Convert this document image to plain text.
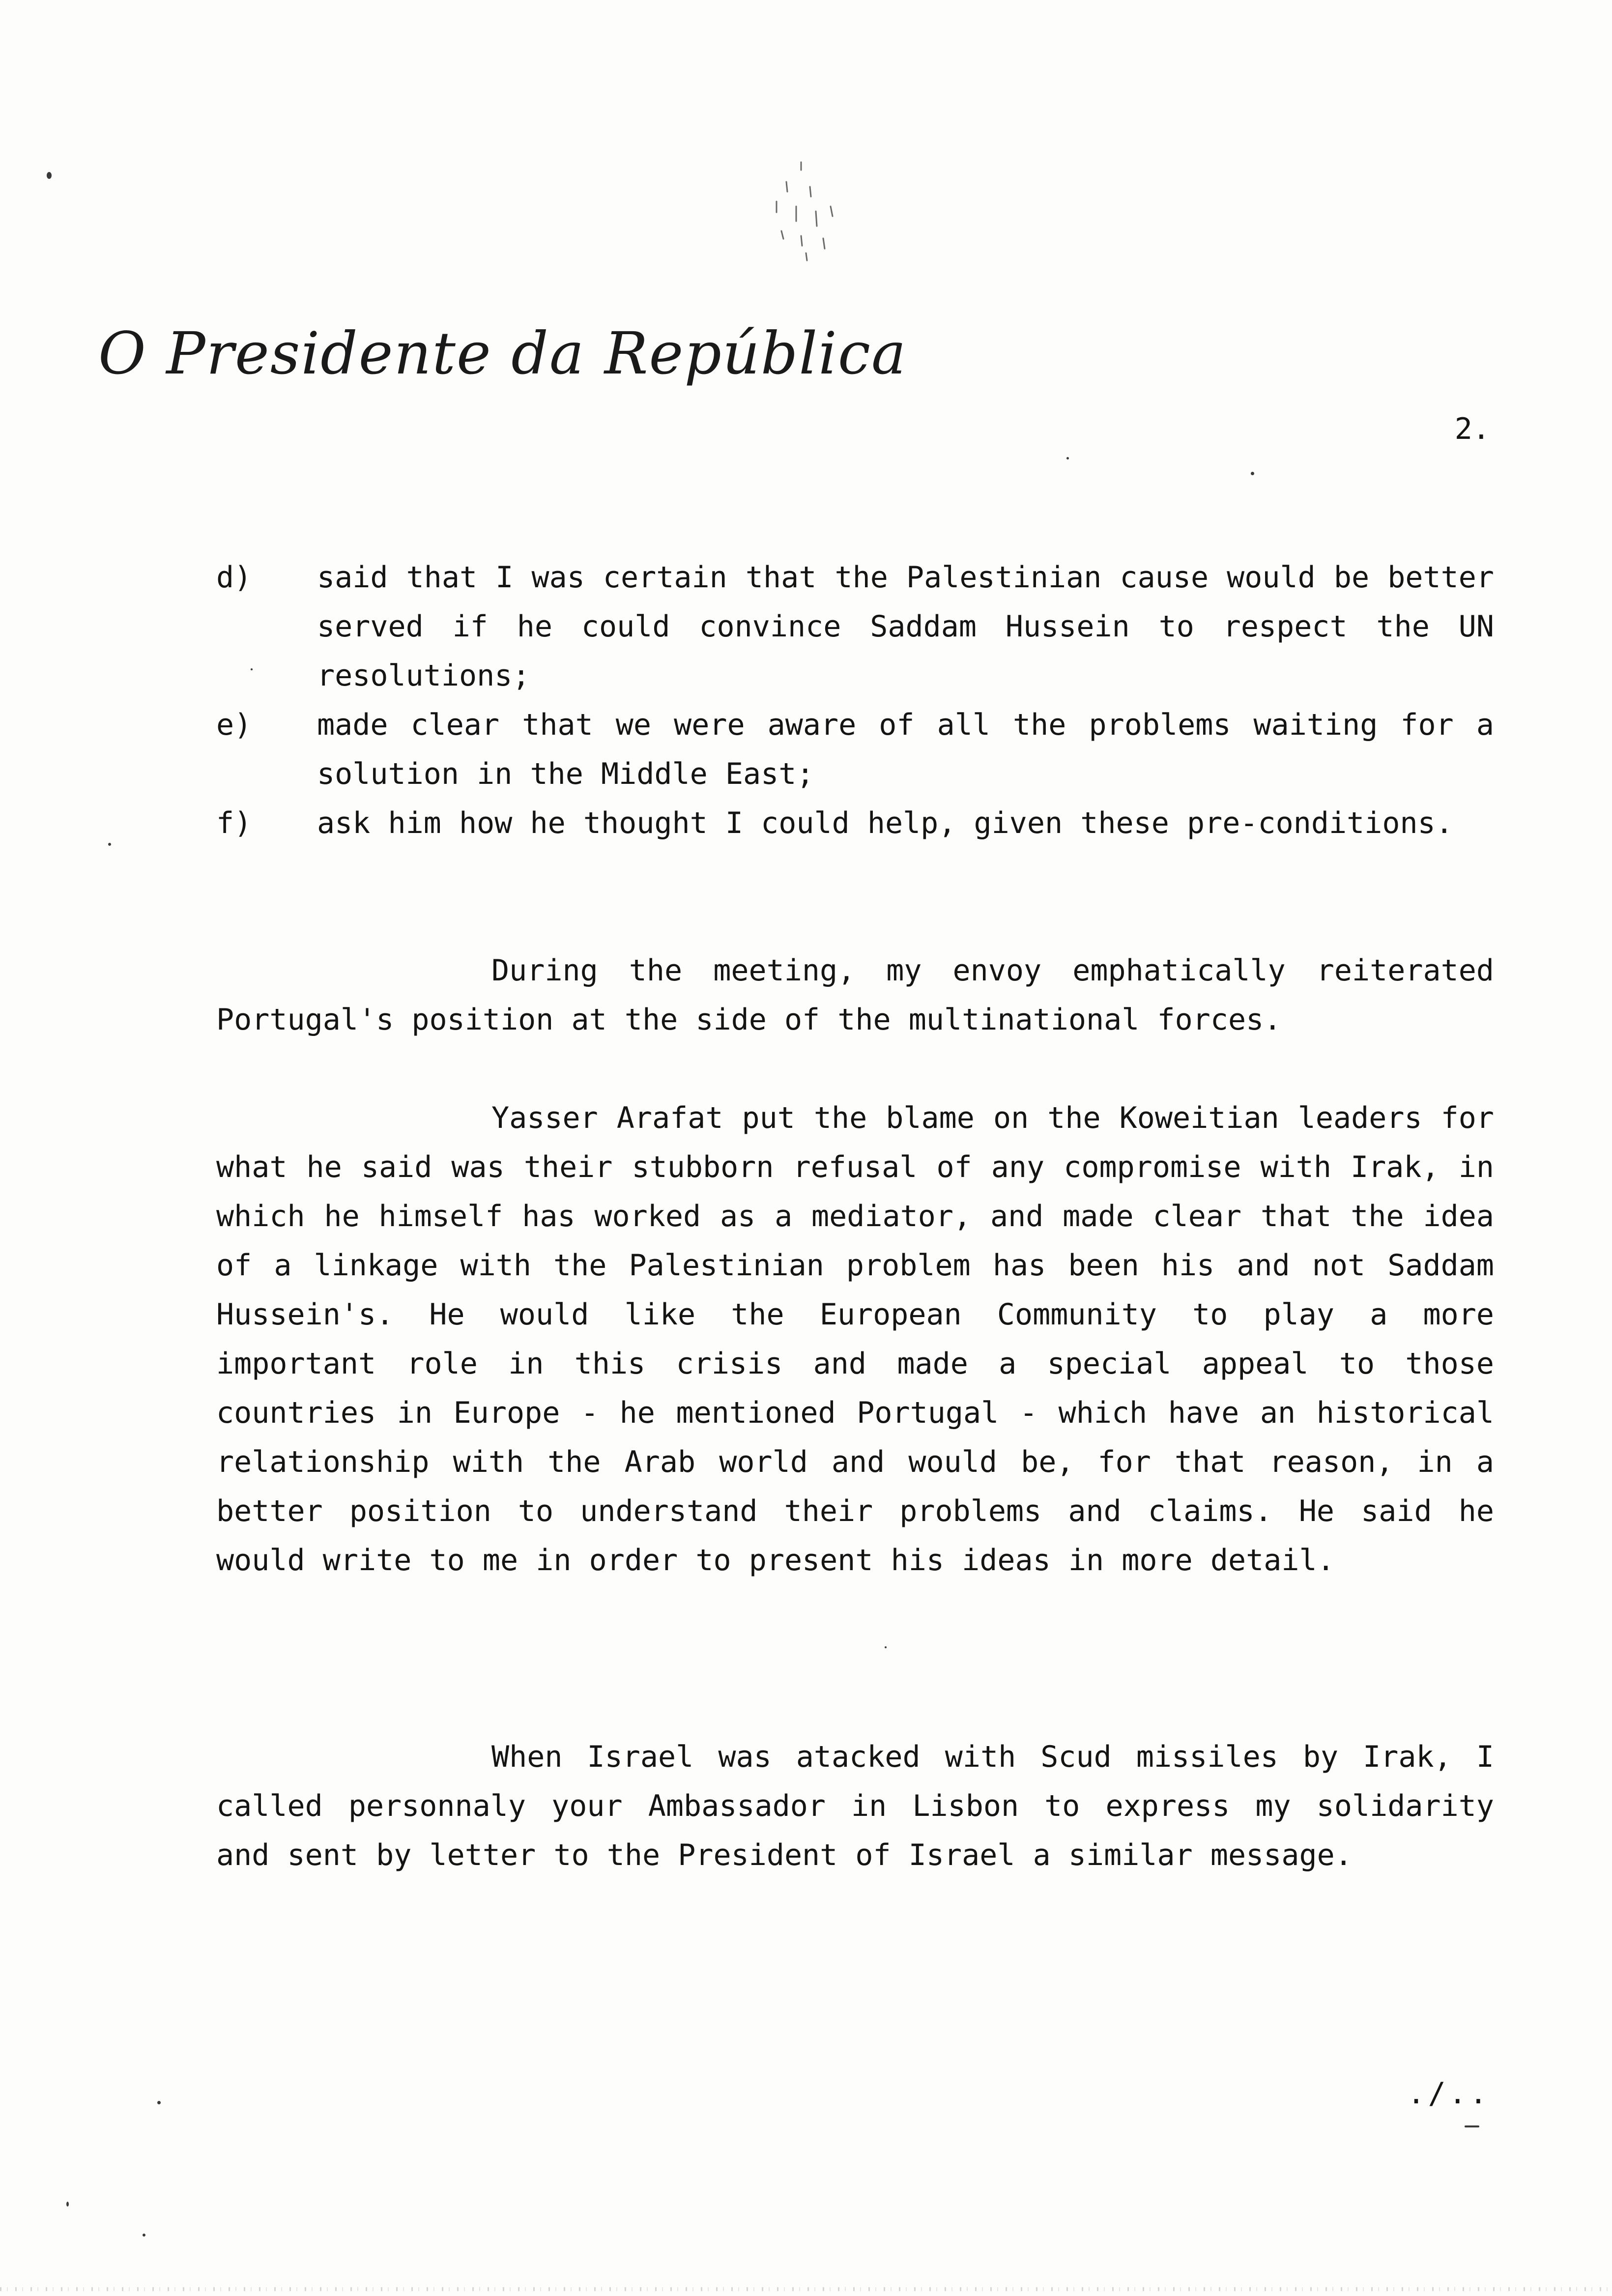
O Presidente da República
2.
d) said that I was certain that the Palestinian cause would be better served if he could convince Saddam Hussein to respect the UN resolutions;
e) made clear that we were aware of all the problems waiting for a solution in the Middle East;
f) ask him how he thought I could help, given these pre-conditions.

During the meeting, my envoy emphatically reiterated Portugal's position at the side of the multinational forces.

Yasser Arafat put the blame on the Koweitian leaders for what he said was their stubborn refusal of any compromise with Irak, in which he himself has worked as a mediator, and made clear that the idea of a linkage with the Palestinian problem has been his and not Saddam Hussein's. He would like the European Community to play a more important role in this crisis and made a special appeal to those countries in Europe - he mentioned Portugal - which have an historical relationship with the Arab world and would be, for that reason, in a better position to understand their problems and claims. He said he would write to me in order to present his ideas in more detail.

When Israel was atacked with Scud missiles by Irak, I called personnaly your Ambassador in Lisbon to express my solidarity and sent by letter to the President of Israel a similar message.

./..
